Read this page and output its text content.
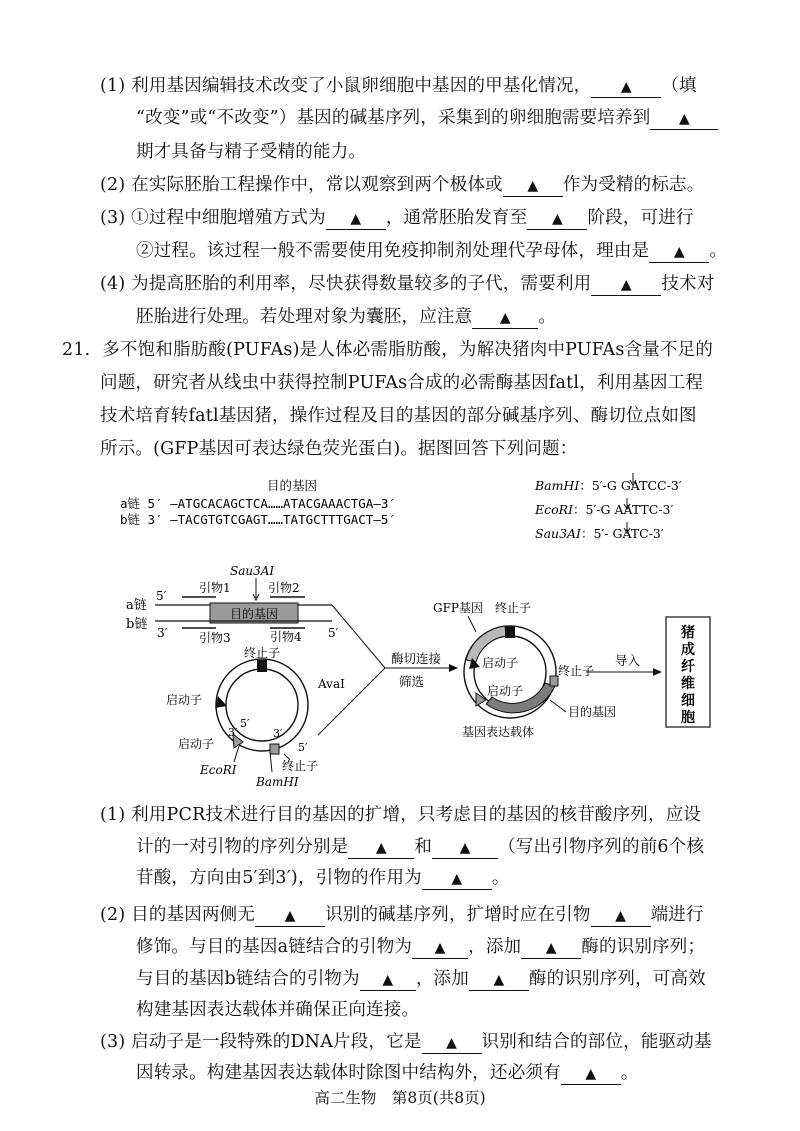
(1) 利用基因编辑技术改变了小鼠卵细胞中基因的甲基化情况， ▲ （填
“改变”或“不改变”）基因的碱基序列，采集到的卵细胞需要培养到 ▲
期才具备与精子受精的能力。
(2) 在实际胚胎工程操作中，常以观察到两个极体或 ▲ 作为受精的标志。
(3) ①过程中细胞增殖方式为 ▲ ，通常胚胎发育至 ▲ 阶段，可进行
②过程。该过程一般不需要使用免疫抑制剂处理代孕母体，理由是 ▲ 。
(4) 为提高胚胎的利用率，尽快获得数量较多的子代，需要利用 ▲ 技术对
胚胎进行处理。若处理对象为囊胚，应注意 ▲ 。
21. 多不饱和脂肪酸(PUFAs)是人体必需脂肪酸，为解决猪肉中PUFAs含量不足的
问题，研究者从线虫中获得控制PUFAs合成的必需酶基因fatl，利用基因工程
技术培育转fatl基因猪，操作过程及目的基因的部分碱基序列、酶切位点如图
所示。(GFP基因可表达绿色荧光蛋白)。据图回答下列问题：
目的基因
a链 5′ —ATGCACAGCTCA……ATACGAAACTGA—3′
b链 3′ —TACGTGTCGAGT……TATGCTTTGACT—5′
BamHⅠ：5′-G GATCC-3′
EcoRⅠ：5′-G AATTC-3′
Sau3AⅠ：5′- GATC-3′
Sau3AⅠ
引物1	引物2
a链
5′
目的基因
b链
3′	5′
引物3	引物4
终止子
AvaⅠ
启动子
启动子
3′
5′
3′
5′
EcoRⅠ
BamHⅠ
终止子
酶切连接
筛选
GFP基因 终止子
启动子
启动子
终止子
目的基因
基因表达载体
导入
猪成纤维细胞
(1) 利用PCR技术进行目的基因的扩增，只考虑目的基因的核苷酸序列，应设
计的一对引物的序列分别是 ▲ 和 ▲ （写出引物序列的前6个核
苷酸，方向由5′到3′)，引物的作用为 ▲ 。
(2) 目的基因两侧无 ▲ 识别的碱基序列，扩增时应在引物 ▲ 端进行
修饰。与目的基因a链结合的引物为 ▲ ，添加 ▲ 酶的识别序列；
与目的基因b链结合的引物为 ▲ ，添加 ▲ 酶的识别序列，可高效
构建基因表达载体并确保正向连接。
(3) 启动子是一段特殊的DNA片段，它是 ▲ 识别和结合的部位，能驱动基
因转录。构建基因表达载体时除图中结构外，还必须有 ▲ 。
高二生物　第8页(共8页)
